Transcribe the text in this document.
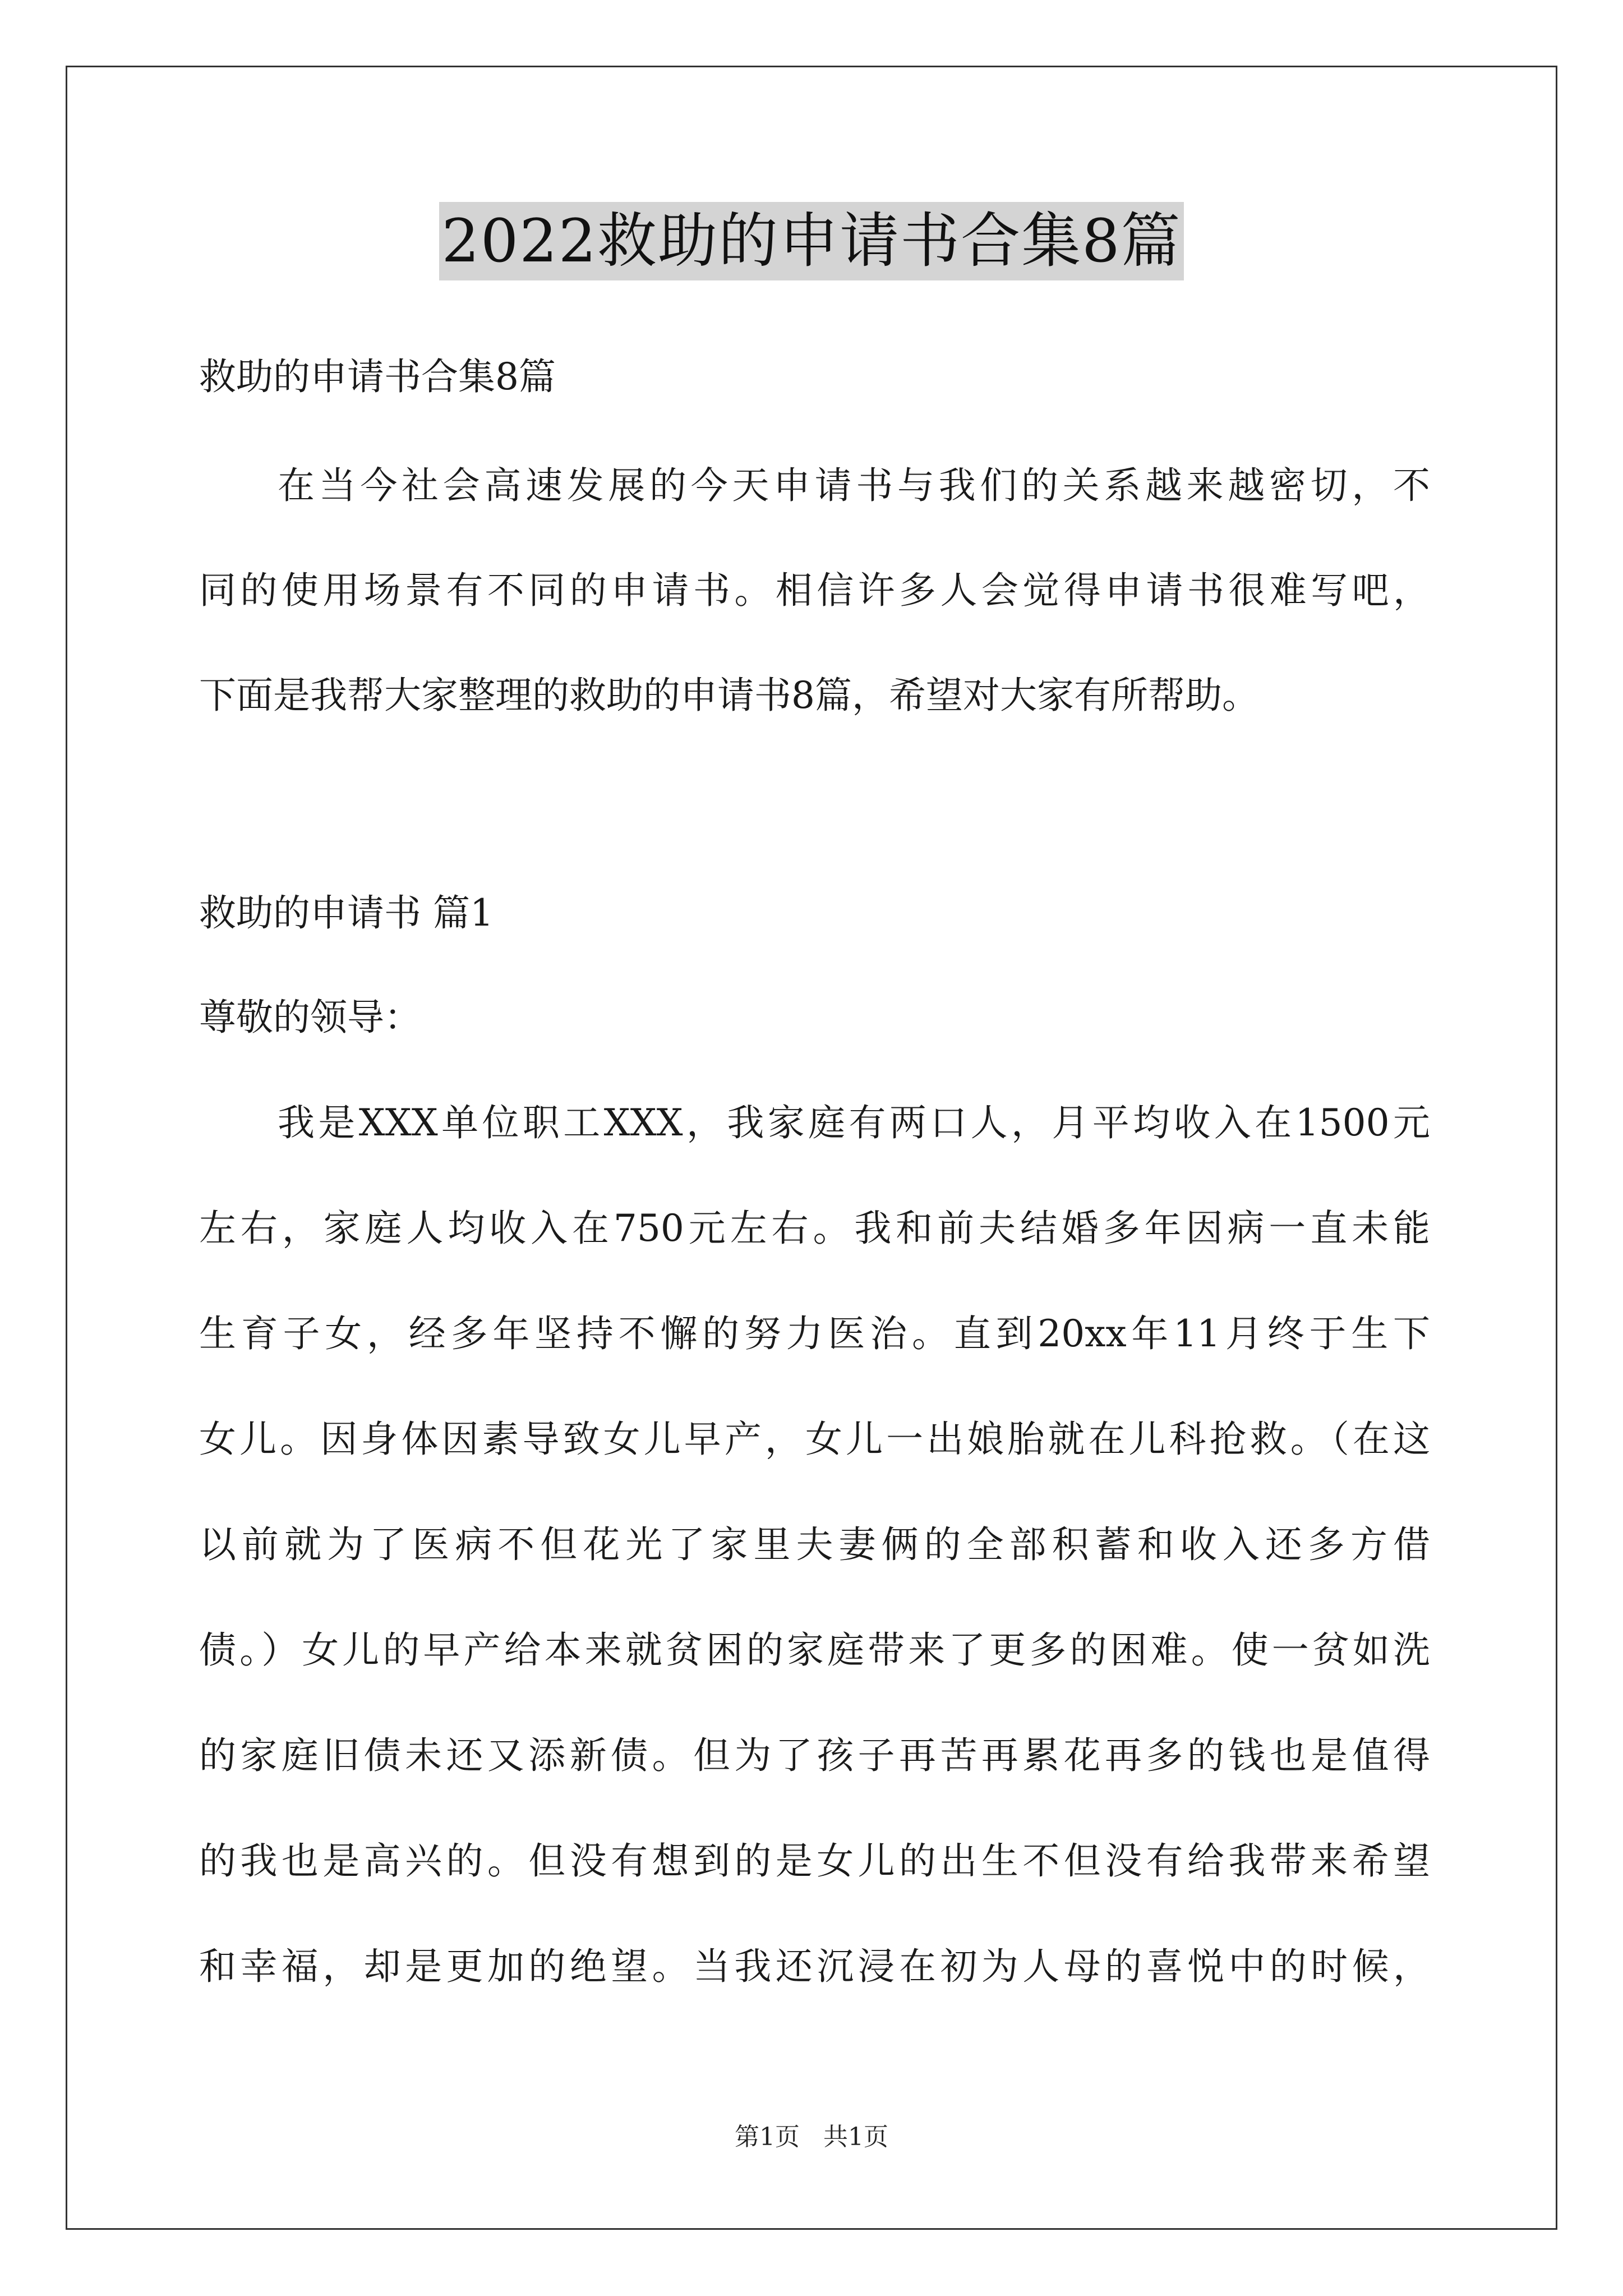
2022救助的申请书合集8篇
救助的申请书合集8篇
在当今社会高速发展的今天申请书与我们的关系越来越密切，不
同的使用场景有不同的申请书。相信许多人会觉得申请书很难写吧，
下面是我帮大家整理的救助的申请书8篇，希望对大家有所帮助。
救助的申请书 篇1
尊敬的领导：
我是XXX单位职工XXX，我家庭有两口人，月平均收入在1500元
左右，家庭人均收入在750元左右。我和前夫结婚多年因病一直未能
生育子女，经多年坚持不懈的努力医治。直到20xx年11月终于生下
女儿。因身体因素导致女儿早产，女儿一出娘胎就在儿科抢救。（在这
以前就为了医病不但花光了家里夫妻俩的全部积蓄和收入还多方借
债。）女儿的早产给本来就贫困的家庭带来了更多的困难。使一贫如洗
的家庭旧债未还又添新债。但为了孩子再苦再累花再多的钱也是值得
的我也是高兴的。但没有想到的是女儿的出生不但没有给我带来希望
和幸福，却是更加的绝望。当我还沉浸在初为人母的喜悦中的时候，
第1页   共1页
